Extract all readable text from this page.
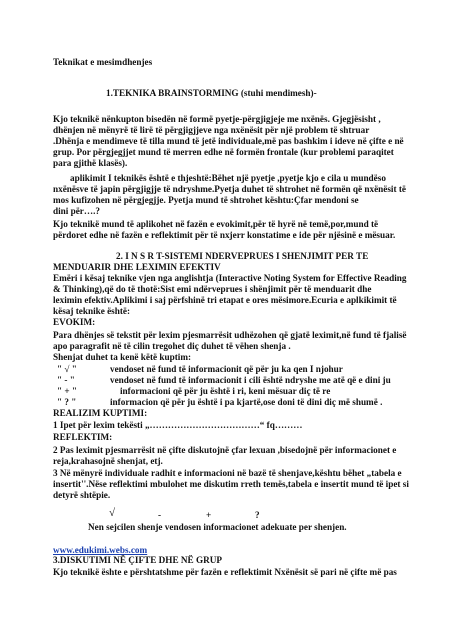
Teknikat e mesimdhenjes
1.TEKNIKA BRAINSTORMING (stuhi mendimesh)-
Kjo teknikë nënkupton bisedën në formë pyetje-përgjigjeje me nxënës. Gjegjësisht ,
dhënjen në mënyrë të lirë të përgjigjjeve nga nxënësit për një problem të shtruar
.Dhënja e mendimeve të tilla mund të jetë individuale,më pas bashkim i ideve në çifte e në
grup. Por përgjegjjet mund të merren edhe në formën frontale (kur problemi paraqitet
para gjithë klasës).
aplikimit I teknikës është e thjeshtë:Bëhet një pyetje ,pyetje kjo e cila u mundëso
nxënësve të japin përgjigjje të ndryshme.Pyetja duhet të shtrohet në formën që nxënësit të
mos kufizohen në përgjegjje. Pyetja mund të shtrohet kështu:Çfar mendoni se
dini për….?
Kjo teknikë mund të aplikohet në fazën e evokimit,për të hyrë në temë,por,mund të
përdoret edhe në fazën e reflektimit për të nxjerr konstatime e ide për njësinë e mësuar.
2. I N S R T-SISTEMI NDERVEPRUES I SHENJIMIT PER TE
MENDUARIR DHE LEXIMIN EFEKTIV
Emëri i kësaj teknike vjen nga anglishtja (Interactive Noting System for Effective Reading
& Thinking),që do të thotë:Sist emi ndërveprues i shënjimit për të menduarit dhe
leximin efektiv.Aplikimi i saj përfshinë tri etapat e ores mësimore.Ecuria e aplkikimit të
kësaj teknike është:
EVOKIM:
Para dhënjes së tekstit për lexim pjesmarrësit udhëzohen që gjatë leximit,në fund të fjalisë
apo paragrafit në të cilin tregohet diç duhet të vëhen shenja .
Shenjat duhet ta kenë këtë kuptim:
" √ "	vendoset në fund të informacionit që për ju ka qen I njohur
" - "	vendoset në fund të informacionit i cili është ndryshe me atë që e dini ju
" + "	informacioni që për ju është i ri, keni mësuar diç të re
" ? "	informacion që për ju është i pa kjartë,ose doni të dini diç më shumë .
REALIZIM KUPTIMI:
1 Ipet për lexim tekësti „………………………………“ fq………
REFLEKTIM:
2 Pas leximit pjesmarrësit në çifte diskutojnë çfar lexuan ,bisedojnë për informacionet e
reja,krahasojnë shenjat, etj.
3 Në mënyrë individuale radhit e informacioni në bazë të shenjave,kështu bëhet „tabela e
insertit''.Nëse reflektimi mbulohet me diskutim rreth temës,tabela e insertit mund të ipet si
detyrë shtëpie.
√	-	+	?
Nen sejcilen shenje vendosen informacionet adekuate per shenjen.
www.edukimi.webs.com
3.DISKUTIMI NË ÇIFTE DHE NË GRUP
Kjo teknikë ështe e përshtatshme për fazën e reflektimit Nxënësit së pari në çifte më pas
